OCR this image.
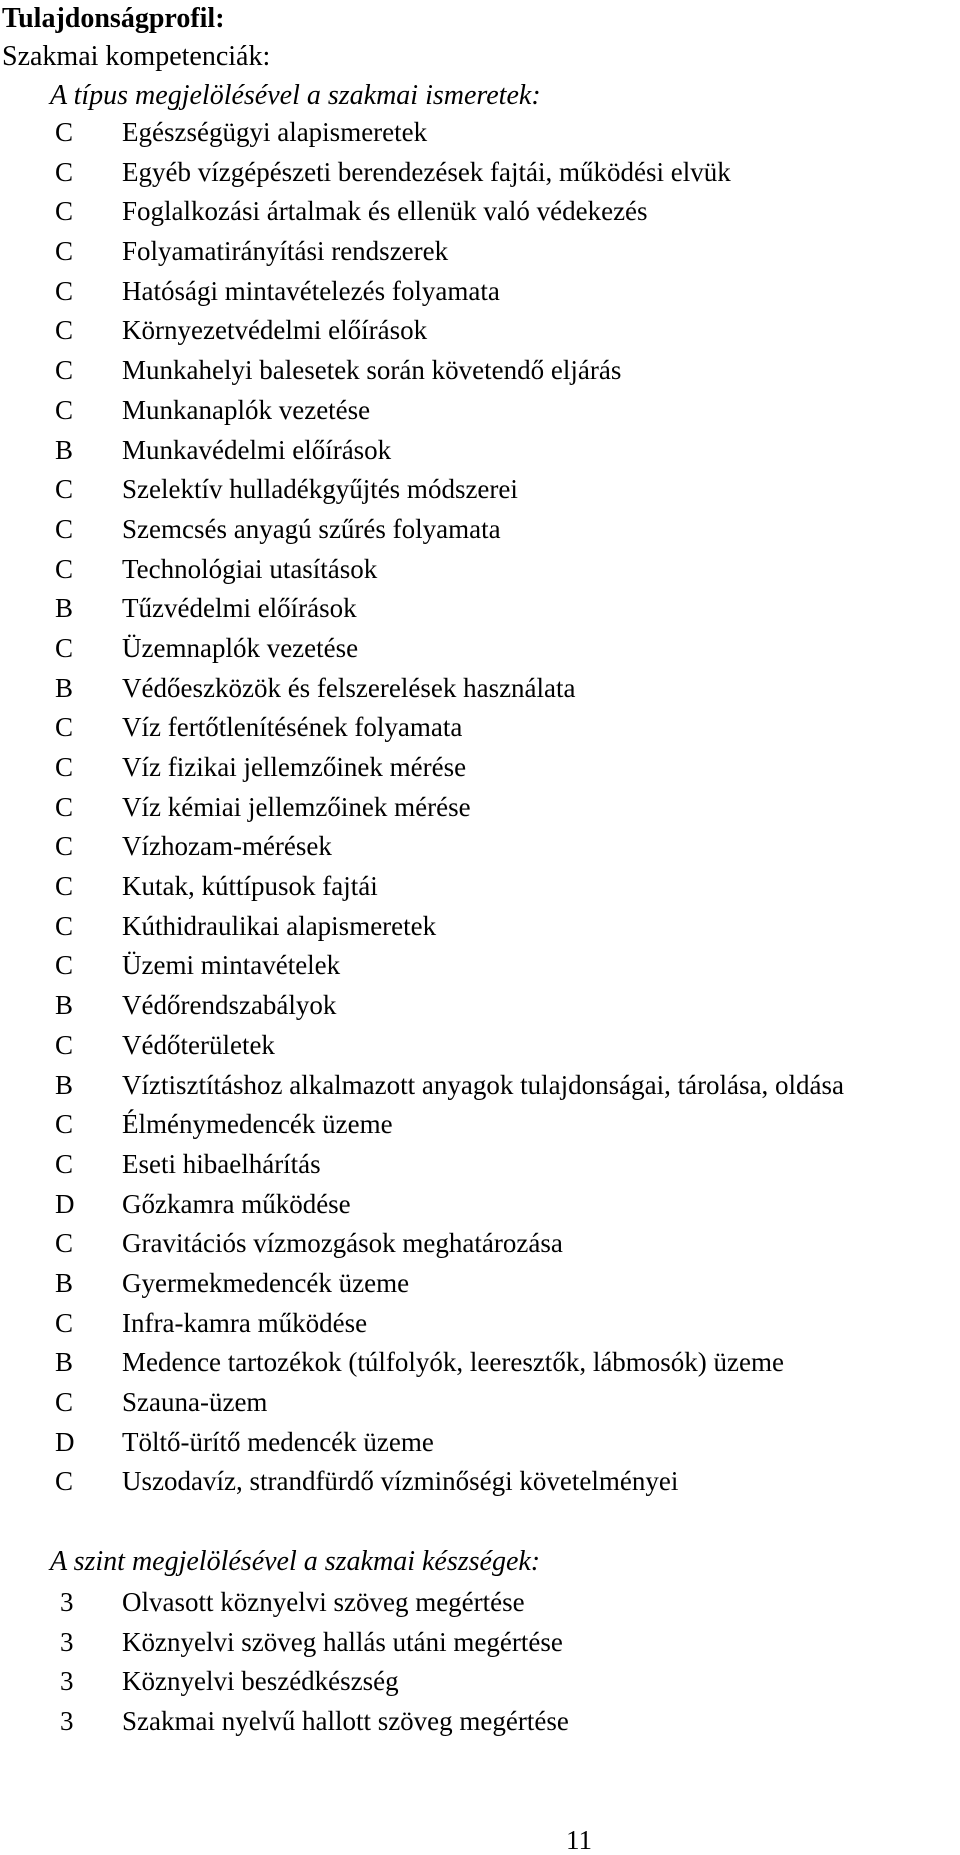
Tulajdonságprofil:
Szakmai kompetenciák:
A típus megjelölésével a szakmai ismeretek:
C	Egészségügyi alapismeretek
C	Egyéb vízgépészeti berendezések fajtái, működési elvük
C	Foglalkozási ártalmak és ellenük való védekezés
C	Folyamatirányítási rendszerek
C	Hatósági mintavételezés folyamata
C	Környezetvédelmi előírások
C	Munkahelyi balesetek során követendő eljárás
C	Munkanaplók vezetése
B	Munkavédelmi előírások
C	Szelektív hulladékgyűjtés módszerei
C	Szemcsés anyagú szűrés folyamata
C	Technológiai utasítások
B	Tűzvédelmi előírások
C	Üzemnaplók vezetése
B	Védőeszközök és felszerelések használata
C	Víz fertőtlenítésének folyamata
C	Víz fizikai jellemzőinek mérése
C	Víz kémiai jellemzőinek mérése
C	Vízhozam-mérések
C	Kutak, kúttípusok fajtái
C	Kúthidraulikai alapismeretek
C	Üzemi mintavételek
B	Védőrendszabályok
C	Védőterületek
B	Víztisztításhoz alkalmazott anyagok tulajdonságai, tárolása, oldása
C	Élménymedencék üzeme
C	Eseti hibaelhárítás
D	Gőzkamra működése
C	Gravitációs vízmozgások meghatározása
B	Gyermekmedencék üzeme
C	Infra-kamra működése
B	Medence tartozékok (túlfolyók, leeresztők, lábmosók) üzeme
C	Szauna-üzem
D	Töltő-ürítő medencék üzeme
C	Uszodavíz, strandfürdő vízminőségi követelményei
A szint megjelölésével a szakmai készségek:
3	Olvasott köznyelvi szöveg megértése
3	Köznyelvi szöveg hallás utáni megértése
3	Köznyelvi beszédkészség
3	Szakmai nyelvű hallott szöveg megértése
11
